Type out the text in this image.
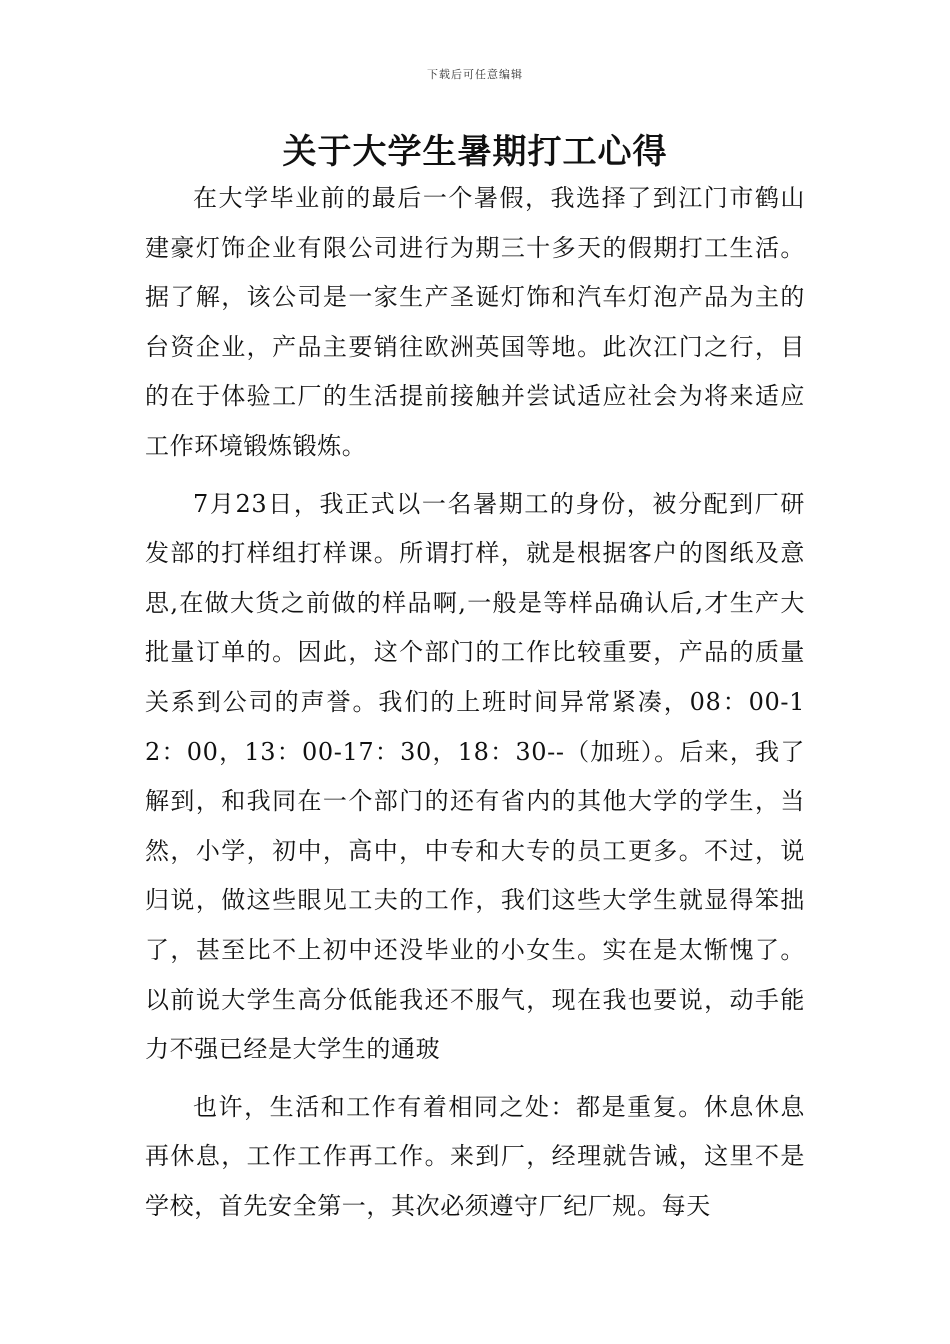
下载后可任意编辑
关于大学生暑期打工心得

在大学毕业前的最后一个暑假，我选择了到江门市鹤山建豪灯饰企业有限公司进行为期三十多天的假期打工生活。据了解，该公司是一家生产圣诞灯饰和汽车灯泡产品为主的台资企业，产品主要销往欧洲英国等地。此次江门之行，目的在于体验工厂的生活提前接触并尝试适应社会为将来适应工作环境锻炼锻炼。

7月23日，我正式以一名暑期工的身份，被分配到厂研发部的打样组打样课。所谓打样，就是根据客户的图纸及意思,在做大货之前做的样品啊,一般是等样品确认后,才生产大批量订单的。因此，这个部门的工作比较重要，产品的质量关系到公司的声誉。我们的上班时间异常紧凑，08：00-12：00，13：00-17：30，18：30--（加班）。后来，我了解到，和我同在一个部门的还有省内的其他大学的学生，当然，小学，初中，高中，中专和大专的员工更多。不过，说归说，做这些眼见工夫的工作，我们这些大学生就显得笨拙了，甚至比不上初中还没毕业的小女生。实在是太惭愧了。以前说大学生高分低能我还不服气，现在我也要说，动手能力不强已经是大学生的通玻

也许，生活和工作有着相同之处：都是重复。休息休息再休息，工作工作再工作。来到厂，经理就告诫，这里不是学校，首先安全第一，其次必须遵守厂纪厂规。每天
